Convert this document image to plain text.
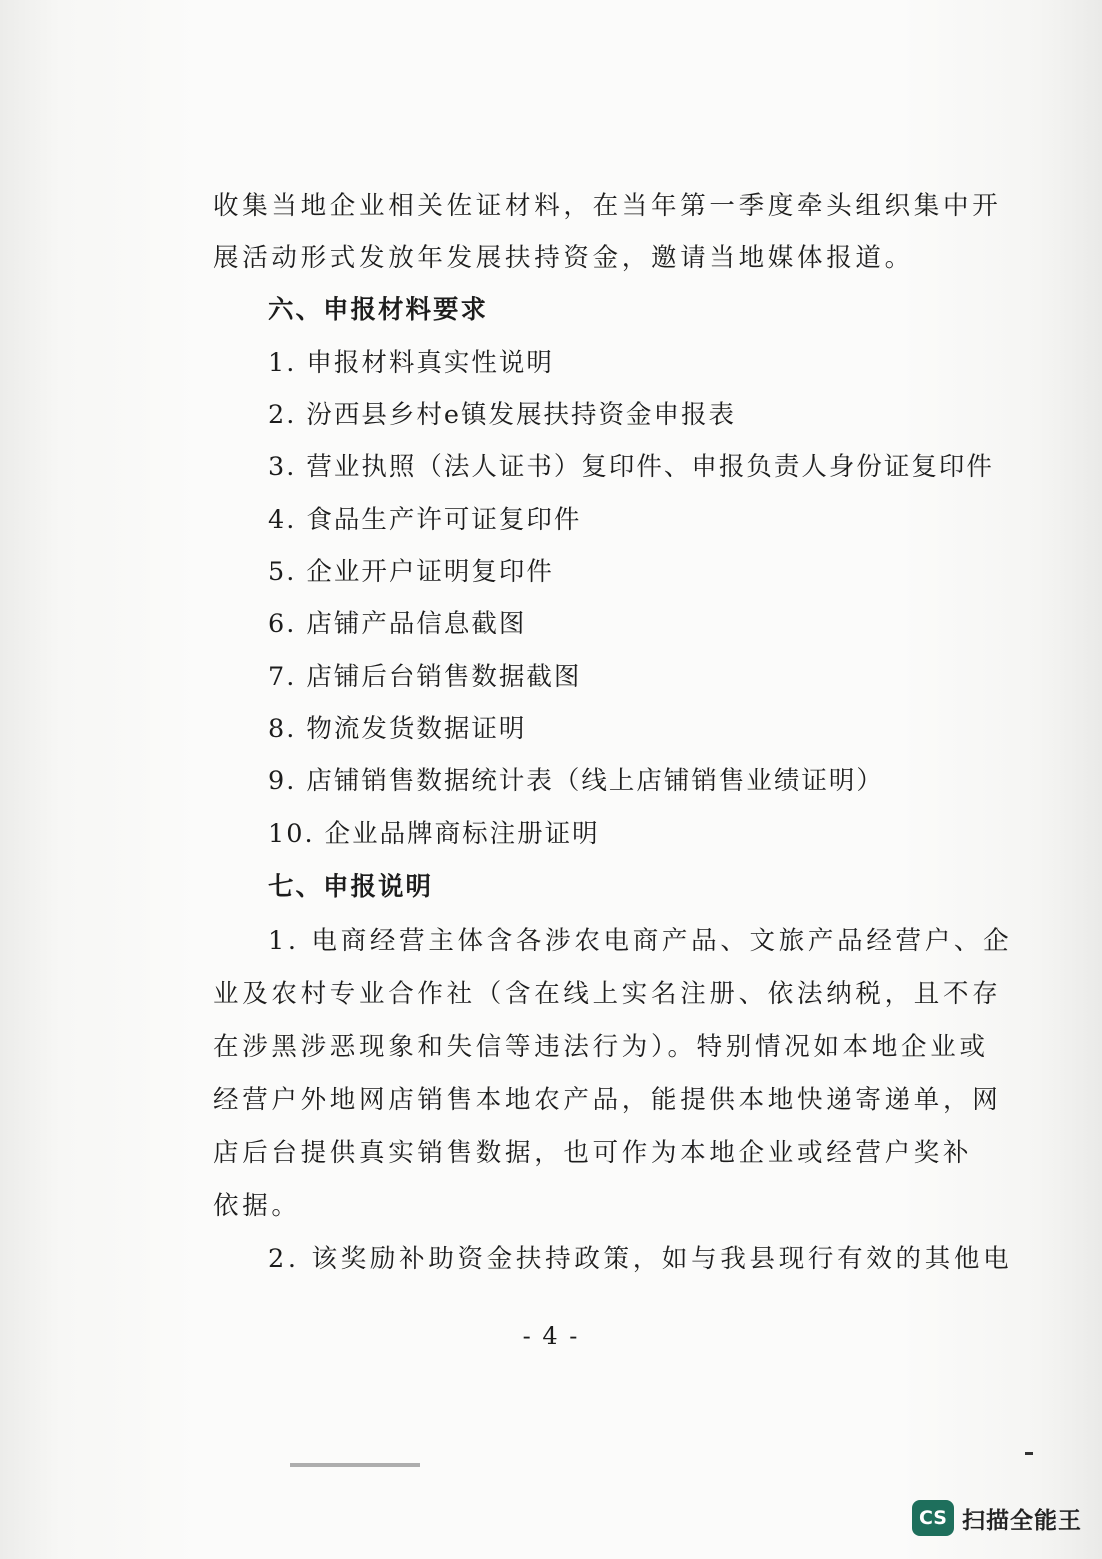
收集当地企业相关佐证材料，在当年第一季度牵头组织集中开
展活动形式发放年发展扶持资金，邀请当地媒体报道。
六、申报材料要求
1. 申报材料真实性说明
2. 汾西县乡村e镇发展扶持资金申报表
3. 营业执照（法人证书）复印件、申报负责人身份证复印件
4. 食品生产许可证复印件
5. 企业开户证明复印件
6. 店铺产品信息截图
7. 店铺后台销售数据截图
8. 物流发货数据证明
9. 店铺销售数据统计表（线上店铺销售业绩证明）
10. 企业品牌商标注册证明
七、申报说明
1. 电商经营主体含各涉农电商产品、文旅产品经营户、企
业及农村专业合作社（含在线上实名注册、依法纳税，且不存
在涉黑涉恶现象和失信等违法行为）。特别情况如本地企业或
经营户外地网店销售本地农产品，能提供本地快递寄递单，网
店后台提供真实销售数据，也可作为本地企业或经营户奖补
依据。
2. 该奖励补助资金扶持政策，如与我县现行有效的其他电
- 4 -
CS 扫描全能王
